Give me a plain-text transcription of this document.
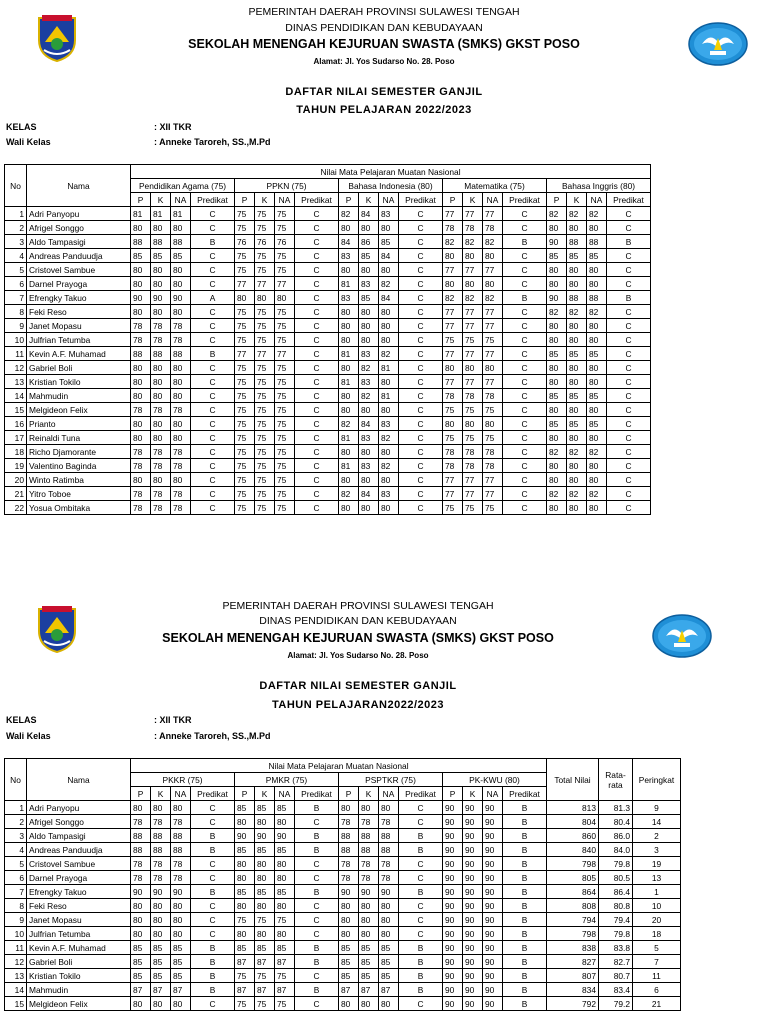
PEMERINTAH DAERAH PROVINSI SULAWESI TENGAH
DINAS PENDIDIKAN DAN KEBUDAYAAN
SEKOLAH MENENGAH KEJURUAN SWASTA (SMKS) GKST POSO
Alamat: Jl. Yos Sudarso No. 28. Poso
DAFTAR NILAI SEMESTER GANJIL
TAHUN PELAJARAN 2022/2023
KELAS	: XII TKR
Wali Kelas	: Anneke Taroreh, SS.,M.Pd
No	Nama	Nilai Mata Pelajaran Muatan Nasional																			
		Pendidikan Agama (75)				PPKN (75)				Bahasa Indonesia (80)				Matematika (75)				Bahasa Inggris (80)			
		P	K	NA	Predikat	P	K	NA	Predikat	P	K	NA	Predikat	P	K	NA	Predikat	P	K	NA	Predikat
1	Adri Panyopu	81	81	81	C	75	75	75	C	82	84	83	C	77	77	77	C	82	82	82	C
2	Afrigel Songgo	80	80	80	C	75	75	75	C	80	80	80	C	78	78	78	C	80	80	80	C
3	Aldo Tampasigi	88	88	88	B	76	76	76	C	84	86	85	C	82	82	82	B	90	88	88	B
4	Andreas Panduudja	85	85	85	C	75	75	75	C	83	85	84	C	80	80	80	C	85	85	85	C
5	Cristovel Sambue	80	80	80	C	75	75	75	C	80	80	80	C	77	77	77	C	80	80	80	C
6	Darnel Prayoga	80	80	80	C	77	77	77	C	81	83	82	C	80	80	80	C	80	80	80	C
7	Efrengky Takuo	90	90	90	A	80	80	80	C	83	85	84	C	82	82	82	B	90	88	88	B
8	Feki Reso	80	80	80	C	75	75	75	C	80	80	80	C	77	77	77	C	82	82	82	C
9	Janet Mopasu	78	78	78	C	75	75	75	C	80	80	80	C	77	77	77	C	80	80	80	C
10	Julfrian Tetumba	78	78	78	C	75	75	75	C	80	80	80	C	75	75	75	C	80	80	80	C
11	Kevin A.F. Muhamad	88	88	88	B	77	77	77	C	81	83	82	C	77	77	77	C	85	85	85	C
12	Gabriel Boli	80	80	80	C	75	75	75	C	80	82	81	C	80	80	80	C	80	80	80	C
13	Kristian Tokilo	80	80	80	C	75	75	75	C	81	83	80	C	77	77	77	C	80	80	80	C
14	Mahmudin	80	80	80	C	75	75	75	C	80	82	81	C	78	78	78	C	85	85	85	C
15	Melgideon Felix	78	78	78	C	75	75	75	C	80	80	80	C	75	75	75	C	80	80	80	C
16	Prianto	80	80	80	C	75	75	75	C	82	84	83	C	80	80	80	C	85	85	85	C
17	Reinaldi Tuna	80	80	80	C	75	75	75	C	81	83	82	C	75	75	75	C	80	80	80	C
18	Richo Djamorante	78	78	78	C	75	75	75	C	80	80	80	C	78	78	78	C	82	82	82	C
19	Valentino Baginda	78	78	78	C	75	75	75	C	81	83	82	C	78	78	78	C	80	80	80	C
20	Winto Ratimba	80	80	80	C	75	75	75	C	80	80	80	C	77	77	77	C	80	80	80	C
21	Yitro Toboe	78	78	78	C	75	75	75	C	82	84	83	C	77	77	77	C	82	82	82	C
22	Yosua Ombitaka	78	78	78	C	75	75	75	C	80	80	80	C	75	75	75	C	80	80	80	C
PEMERINTAH DAERAH PROVINSI SULAWESI TENGAH
DINAS PENDIDIKAN DAN KEBUDAYAAN
SEKOLAH MENENGAH KEJURUAN SWASTA (SMKS) GKST POSO
Alamat: Jl. Yos Sudarso No. 28. Poso
DAFTAR NILAI SEMESTER GANJIL
TAHUN PELAJARAN2022/2023
KELAS	: XII TKR
Wali Kelas	: Anneke Taroreh, SS.,M.Pd
No	Nama	Nilai Mata Pelajaran Muatan Nasional																Total Nilai	Rata-rata	Peringkat
		PKKR (75)				PMKR (75)				PSPTKR (75)				PK-KWU (80)						
		P	K	NA	Predikat	P	K	NA	Predikat	P	K	NA	Predikat	P	K	NA	Predikat			
1	Adri Panyopu	80	80	80	C	85	85	85	B	80	80	80	C	90	90	90	B	813	81.3	9
2	Afrigel Songgo	78	78	78	C	80	80	80	C	78	78	78	C	90	90	90	B	804	80.4	14
3	Aldo Tampasigi	88	88	88	B	90	90	90	B	88	88	88	B	90	90	90	B	860	86.0	2
4	Andreas Panduudja	88	88	88	B	85	85	85	B	88	88	88	B	90	90	90	B	840	84.0	3
5	Cristovel Sambue	78	78	78	C	80	80	80	C	78	78	78	C	90	90	90	B	798	79.8	19
6	Darnel Prayoga	78	78	78	C	80	80	80	C	78	78	78	C	90	90	90	B	805	80.5	13
7	Efrengky Takuo	90	90	90	B	85	85	85	B	90	90	90	B	90	90	90	B	864	86.4	1
8	Feki Reso	80	80	80	C	80	80	80	C	80	80	80	C	90	90	90	B	808	80.8	10
9	Janet Mopasu	80	80	80	C	75	75	75	C	80	80	80	C	90	90	90	B	794	79.4	20
10	Julfrian Tetumba	80	80	80	C	80	80	80	C	80	80	80	C	90	90	90	B	798	79.8	18
11	Kevin A.F. Muhamad	85	85	85	B	85	85	85	B	85	85	85	B	90	90	90	B	838	83.8	5
12	Gabriel Boli	85	85	85	B	87	87	87	B	85	85	85	B	90	90	90	B	827	82.7	7
13	Kristian Tokilo	85	85	85	B	75	75	75	C	85	85	85	B	90	90	90	B	807	80.7	11
14	Mahmudin	87	87	87	B	87	87	87	B	87	87	87	B	90	90	90	B	834	83.4	6
15	Melgideon Felix	80	80	80	C	75	75	75	C	80	80	80	C	90	90	90	B	792	79.2	21
